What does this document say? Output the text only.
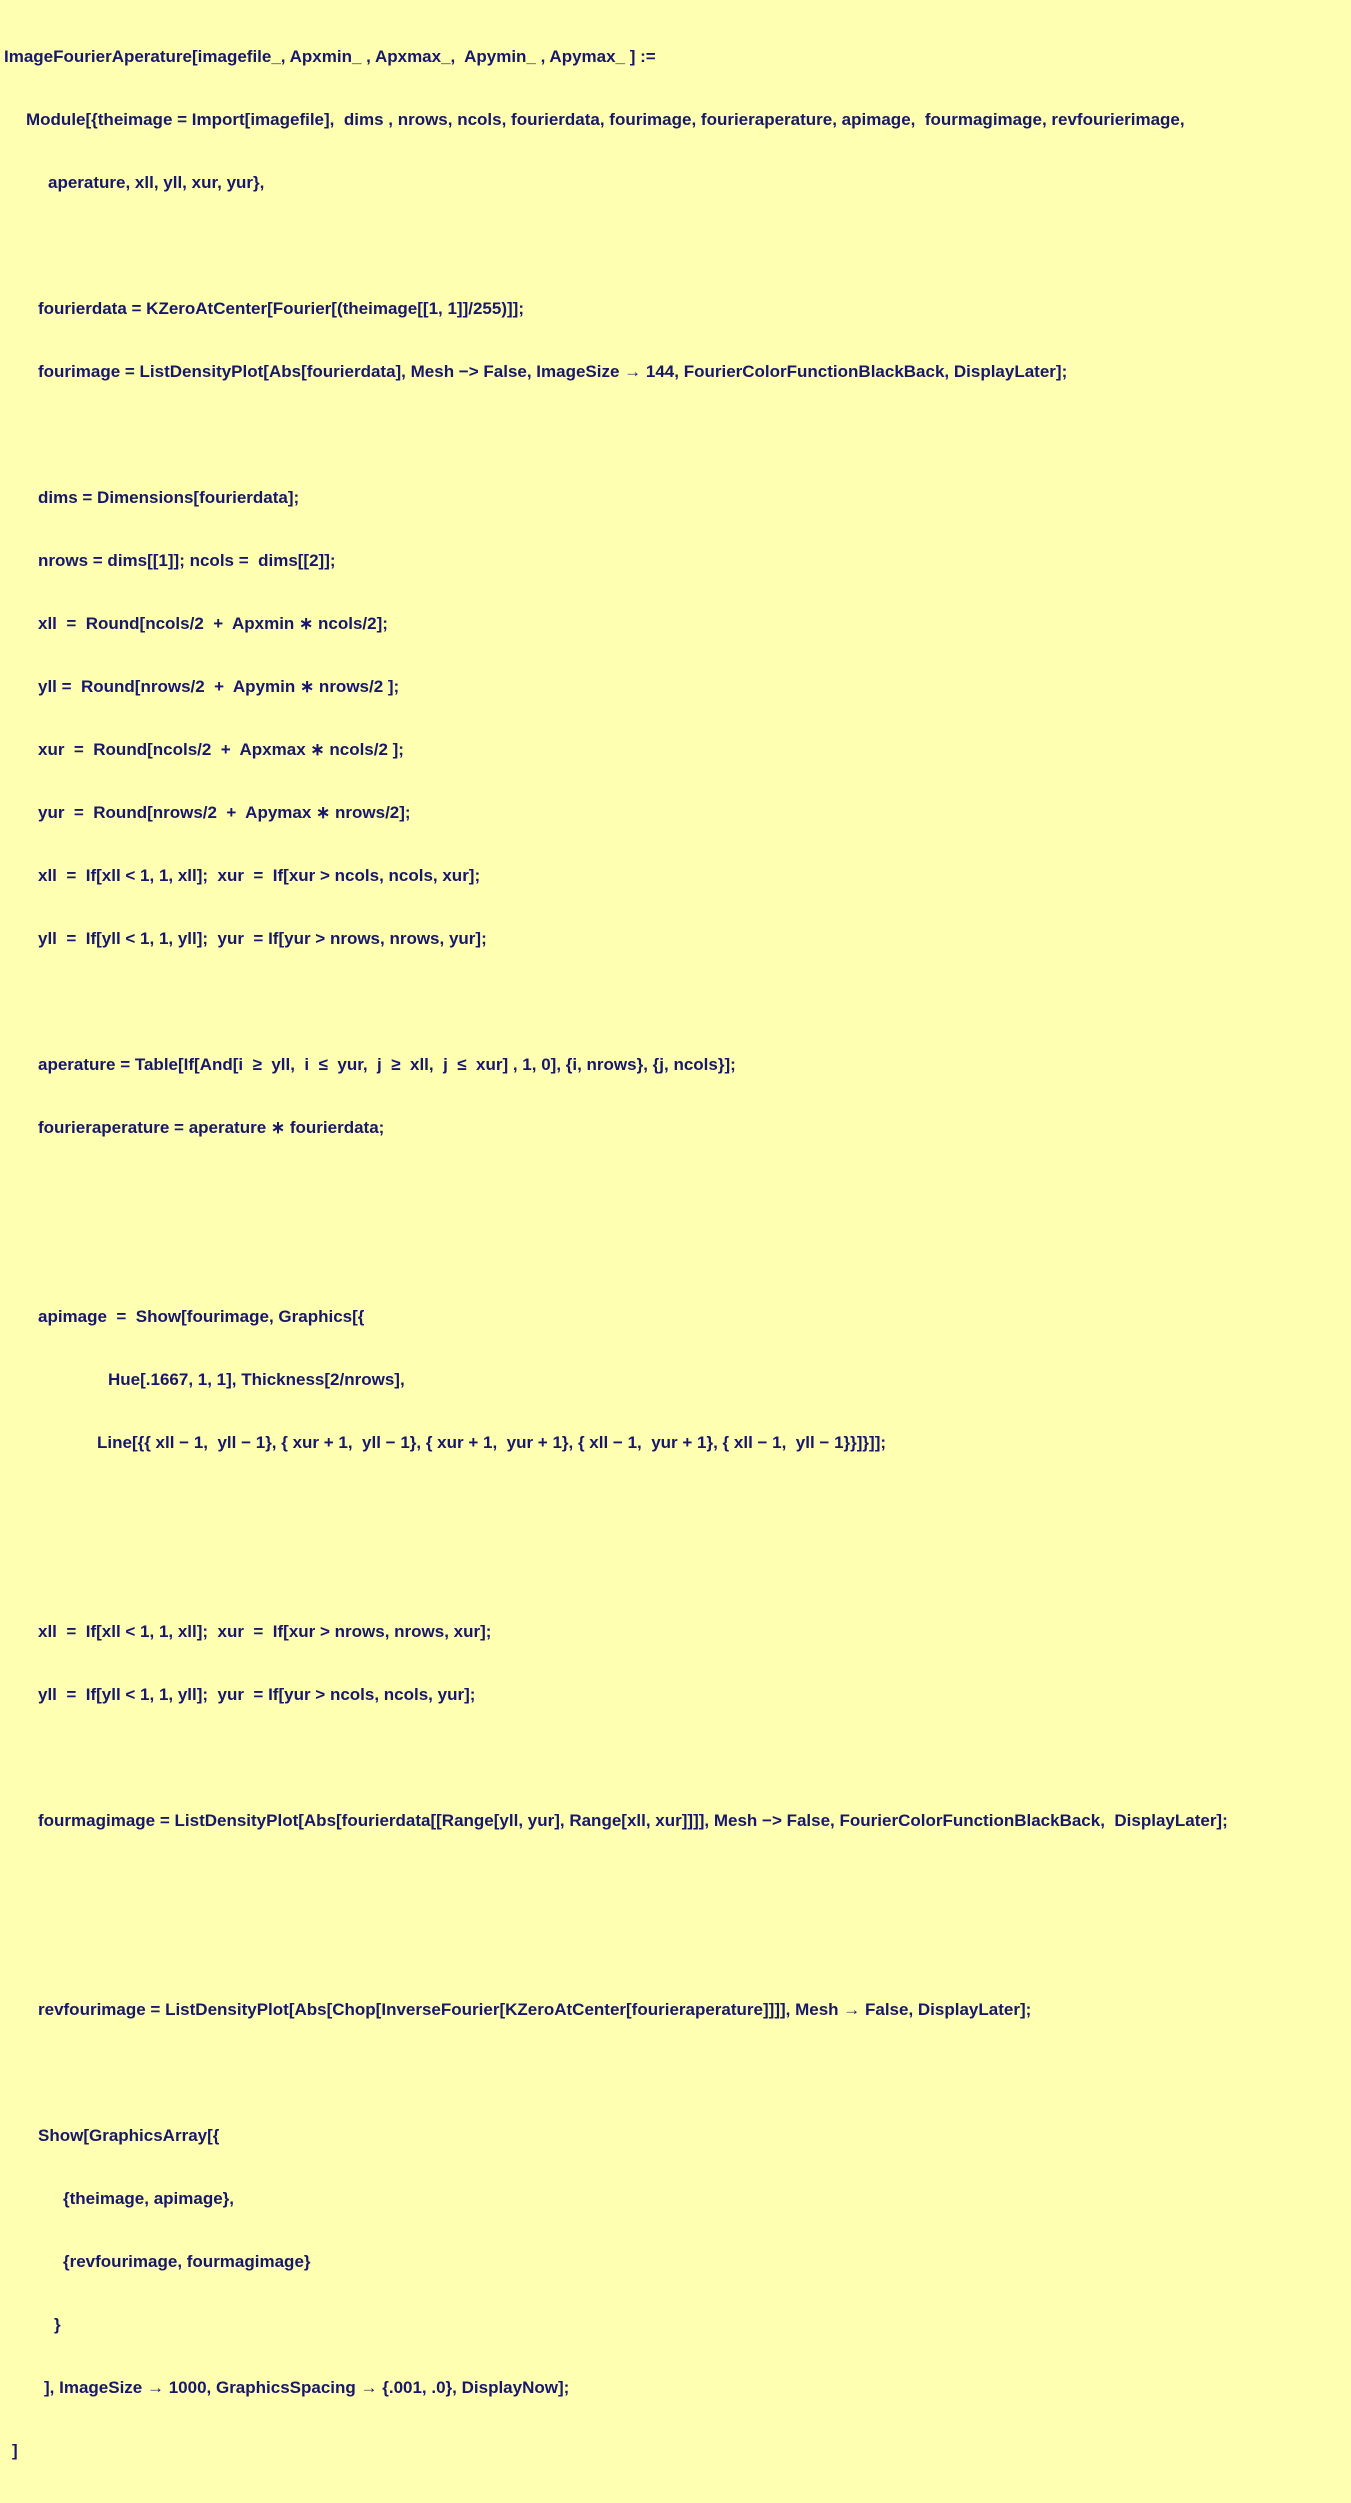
ImageFourierAperature[imagefile_, Apxmin_ , Apxmax_,  Apymin_ , Apymax_ ] :=

Module[{theimage = Import[imagefile],  dims , nrows, ncols, fourierdata, fourimage, fourieraperature, apimage,  fourmagimage, revfourierimage,

aperature, xll, yll, xur, yur},

fourierdata = KZeroAtCenter[Fourier[(theimage[[1, 1]]/255)]];

fourimage = ListDensityPlot[Abs[fourierdata], Mesh −> False, ImageSize → 144, FourierColorFunctionBlackBack, DisplayLater];

dims = Dimensions[fourierdata];

nrows = dims[[1]]; ncols =  dims[[2]];

xll  =  Round[ncols/2  +  Apxmin ∗ ncols/2];

yll =  Round[nrows/2  +  Apymin ∗ nrows/2 ];

xur  =  Round[ncols/2  +  Apxmax ∗ ncols/2 ];

yur  =  Round[nrows/2  +  Apymax ∗ nrows/2];

xll  =  If[xll < 1, 1, xll];  xur  =  If[xur > ncols, ncols, xur];

yll  =  If[yll < 1, 1, yll];  yur  = If[yur > nrows, nrows, yur];

aperature = Table[If[And[i  ≥  yll,  i  ≤  yur,  j  ≥  xll,  j  ≤  xur] , 1, 0], {i, nrows}, {j, ncols}];

fourieraperature = aperature ∗ fourierdata;

apimage  =  Show[fourimage, Graphics[{

Hue[.1667, 1, 1], Thickness[2/nrows],

Line[{{ xll − 1,  yll − 1}, { xur + 1,  yll − 1}, { xur + 1,  yur + 1}, { xll − 1,  yur + 1}, { xll − 1,  yll − 1}}]}]];

xll  =  If[xll < 1, 1, xll];  xur  =  If[xur > nrows, nrows, xur];

yll  =  If[yll < 1, 1, yll];  yur  = If[yur > ncols, ncols, yur];

fourmagimage = ListDensityPlot[Abs[fourierdata[[Range[yll, yur], Range[xll, xur]]]], Mesh −> False, FourierColorFunctionBlackBack,  DisplayLater];

revfourimage = ListDensityPlot[Abs[Chop[InverseFourier[KZeroAtCenter[fourieraperature]]]], Mesh → False, DisplayLater];

Show[GraphicsArray[{

{theimage, apimage},

{revfourimage, fourmagimage}

}

], ImageSize → 1000, GraphicsSpacing → {.001, .0}, DisplayNow];

]
